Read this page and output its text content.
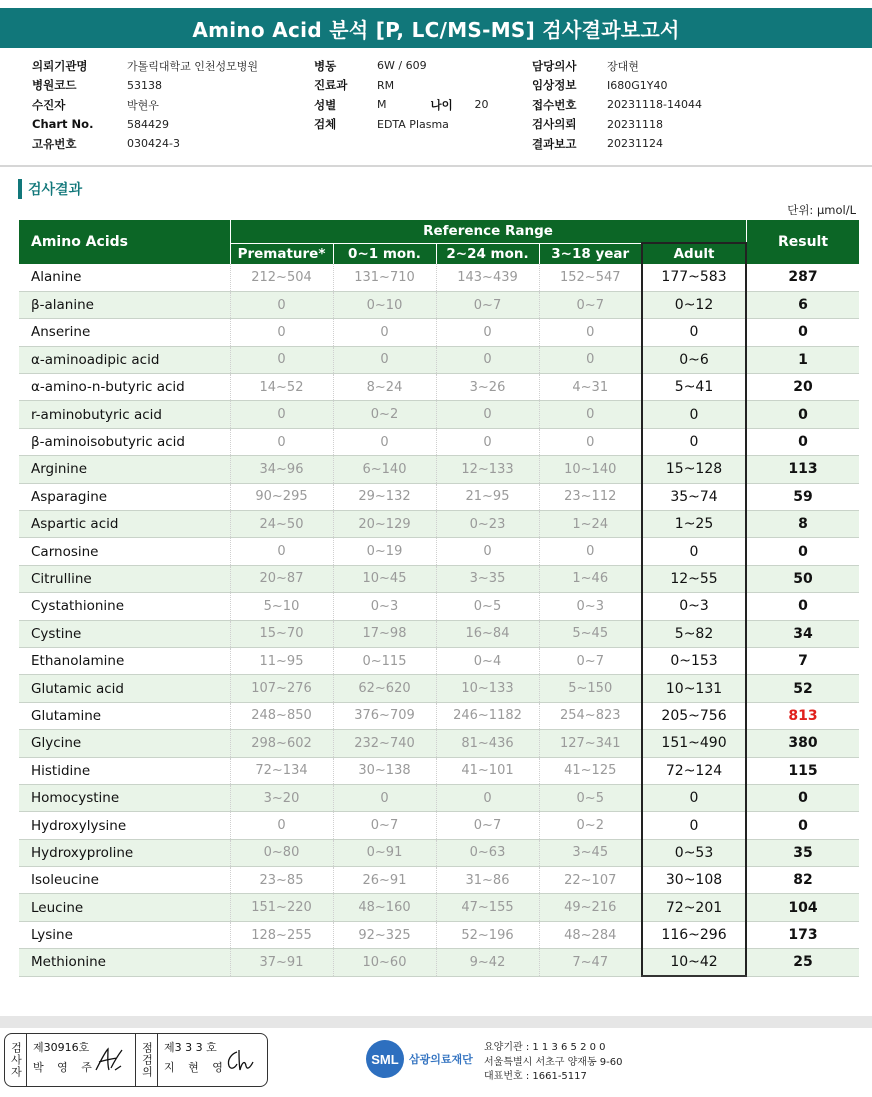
Amino Acid 분석 [P, LC/MS-MS] 검사결과보고서
의뢰기관명	가톨릭대학교 인천성모병원
병원코드	53138
수진자	박현우
Chart No.	584429
고유번호	030424-3
병동	6W / 609
진료과	RM
성별	M	나이	20
검체	EDTA Plasma
담당의사	장대현
임상정보	I680G1Y40
접수번호	20231118-14044
검사의뢰	20231118
결과보고	20231124
검사결과
단위: μmol/L
Amino Acids	Reference Range					Result
	Premature*	0~1 mon.	2~24 mon.	3~18 year	Adult	
Alanine	212~504	131~710	143~439	152~547	177~583	287
β-alanine	0	0~10	0~7	0~7	0~12	6
Anserine	0	0	0	0	0	0
α-aminoadipic acid	0	0	0	0	0~6	1
α-amino-n-butyric acid	14~52	8~24	3~26	4~31	5~41	20
r-aminobutyric acid	0	0~2	0	0	0	0
β-aminoisobutyric acid	0	0	0	0	0	0
Arginine	34~96	6~140	12~133	10~140	15~128	113
Asparagine	90~295	29~132	21~95	23~112	35~74	59
Aspartic acid	24~50	20~129	0~23	1~24	1~25	8
Carnosine	0	0~19	0	0	0	0
Citrulline	20~87	10~45	3~35	1~46	12~55	50
Cystathionine	5~10	0~3	0~5	0~3	0~3	0
Cystine	15~70	17~98	16~84	5~45	5~82	34
Ethanolamine	11~95	0~115	0~4	0~7	0~153	7
Glutamic acid	107~276	62~620	10~133	5~150	10~131	52
Glutamine	248~850	376~709	246~1182	254~823	205~756	813
Glycine	298~602	232~740	81~436	127~341	151~490	380
Histidine	72~134	30~138	41~101	41~125	72~124	115
Homocystine	3~20	0	0	0~5	0	0
Hydroxylysine	0	0~7	0~7	0~2	0	0
Hydroxyproline	0~80	0~91	0~63	3~45	0~53	35
Isoleucine	23~85	26~91	31~86	22~107	30~108	82
Leucine	151~220	48~160	47~155	49~216	72~201	104
Lysine	128~255	92~325	52~196	48~284	116~296	173
Methionine	37~91	10~60	9~42	7~47	10~42	25
검사자 제30916호
박 영 주	점검의 제3 3 3 호
지 현 영
SML 삼광의료재단
요양기관 : 1 1 3 6 5 2 0 0
서울특별시 서초구 양재동 9-60
대표번호 : 1661-5117
